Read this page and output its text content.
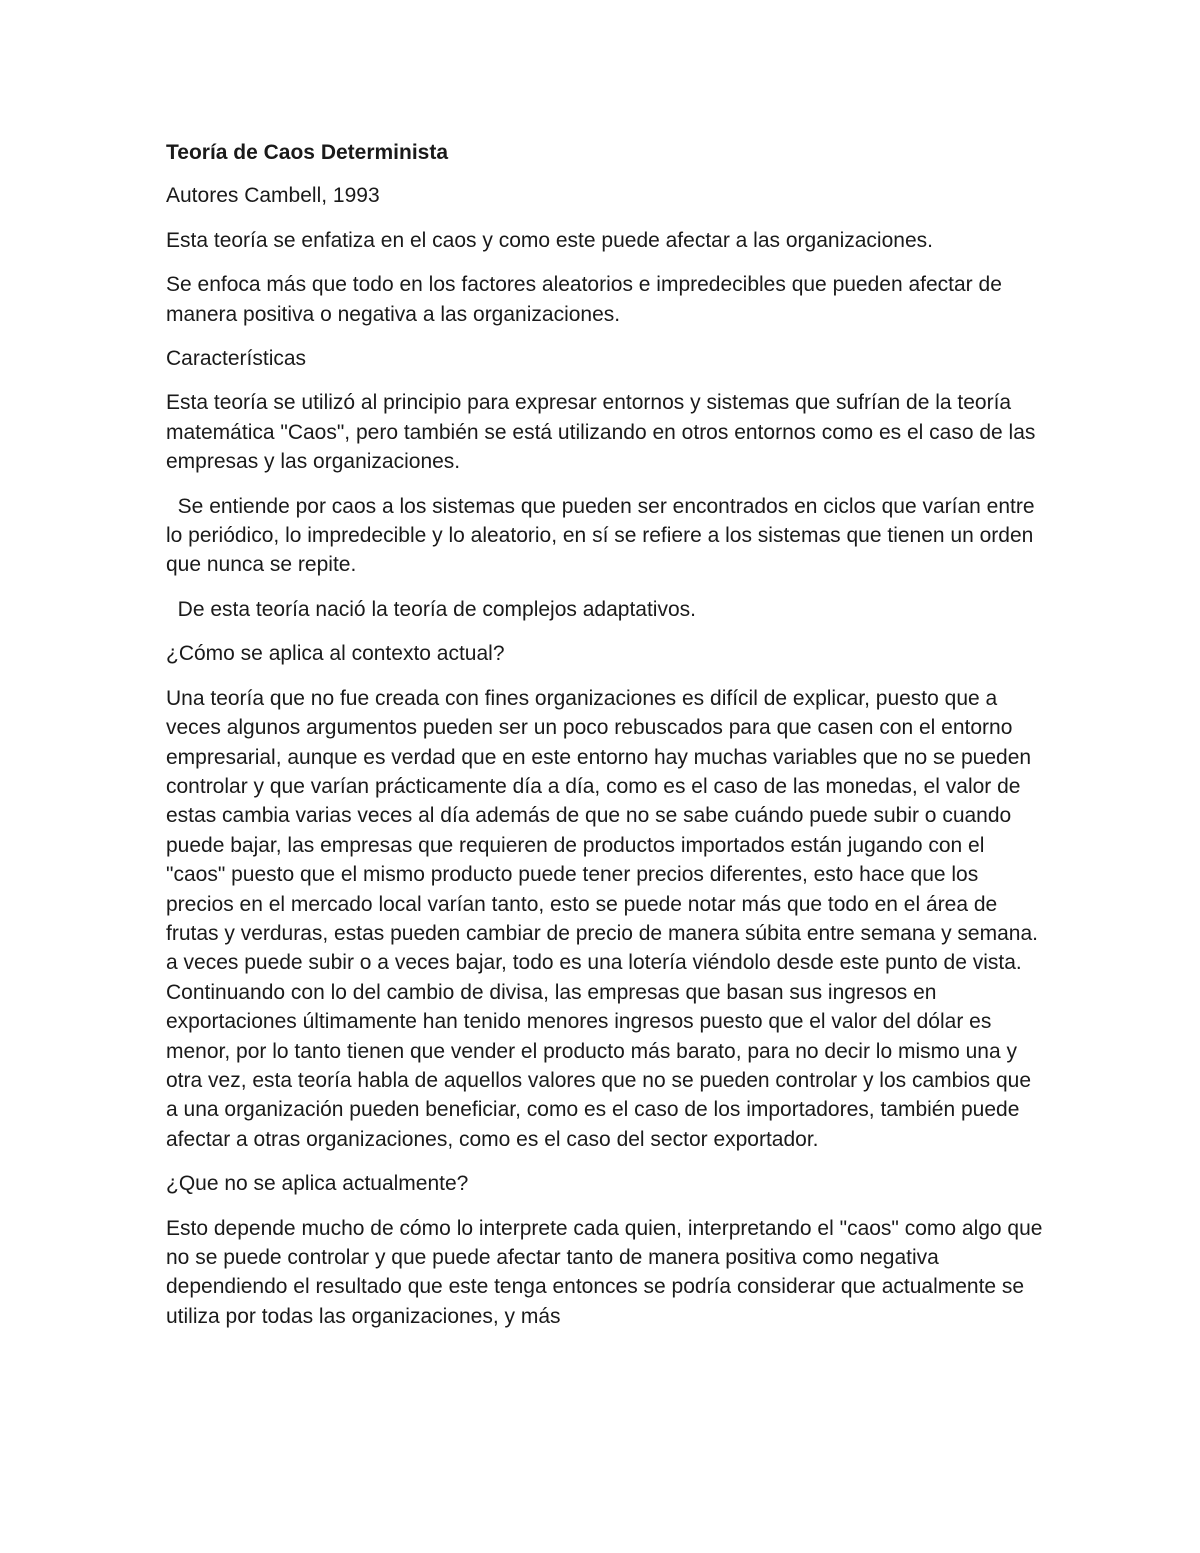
Teoría de Caos Determinista

Autores Cambell, 1993

Esta teoría se enfatiza en el caos y como este puede afectar a las organizaciones.

Se enfoca más que todo en los factores aleatorios e impredecibles que pueden afectar de manera positiva o negativa a las organizaciones.

Características

Esta teoría se utilizó al principio para expresar entornos y sistemas que sufrían de la teoría matemática "Caos", pero también se está utilizando en otros entornos como es el caso de las empresas y las organizaciones.

Se entiende por caos a los sistemas que pueden ser encontrados en ciclos que varían entre lo periódico, lo impredecible y lo aleatorio, en sí se refiere a los sistemas que tienen un orden que nunca se repite.

De esta teoría nació la teoría de complejos adaptativos.

¿Cómo se aplica al contexto actual?

Una teoría que no fue creada con fines organizaciones es difícil de explicar, puesto que a veces algunos argumentos pueden ser un poco rebuscados para que casen con el entorno empresarial, aunque es verdad que en este entorno hay muchas variables que no se pueden controlar y que varían prácticamente día a día, como es el caso de las monedas, el valor de estas cambia varias veces al día además de que no se sabe cuándo puede subir o cuando puede bajar, las empresas que requieren de productos importados están jugando con el "caos" puesto que el mismo producto puede tener precios diferentes, esto hace que los precios en el mercado local varían tanto, esto se puede notar más que todo en el área de frutas y verduras, estas pueden cambiar de precio de manera súbita entre semana y semana. a veces puede subir o a veces bajar, todo es una lotería viéndolo desde este punto de vista. Continuando con lo del cambio de divisa, las empresas que basan sus ingresos en exportaciones últimamente han tenido menores ingresos puesto que el valor del dólar es menor, por lo tanto tienen que vender el producto más barato, para no decir lo mismo una y otra vez, esta teoría habla de aquellos valores que no se pueden controlar y los cambios que a una organización pueden beneficiar, como es el caso de los importadores, también puede afectar a otras organizaciones, como es el caso del sector exportador.

¿Que no se aplica actualmente?

Esto depende mucho de cómo lo interprete cada quien, interpretando el "caos" como algo que no se puede controlar y que puede afectar tanto de manera positiva como negativa dependiendo el resultado que este tenga entonces se podría considerar que actualmente se utiliza por todas las organizaciones, y más
